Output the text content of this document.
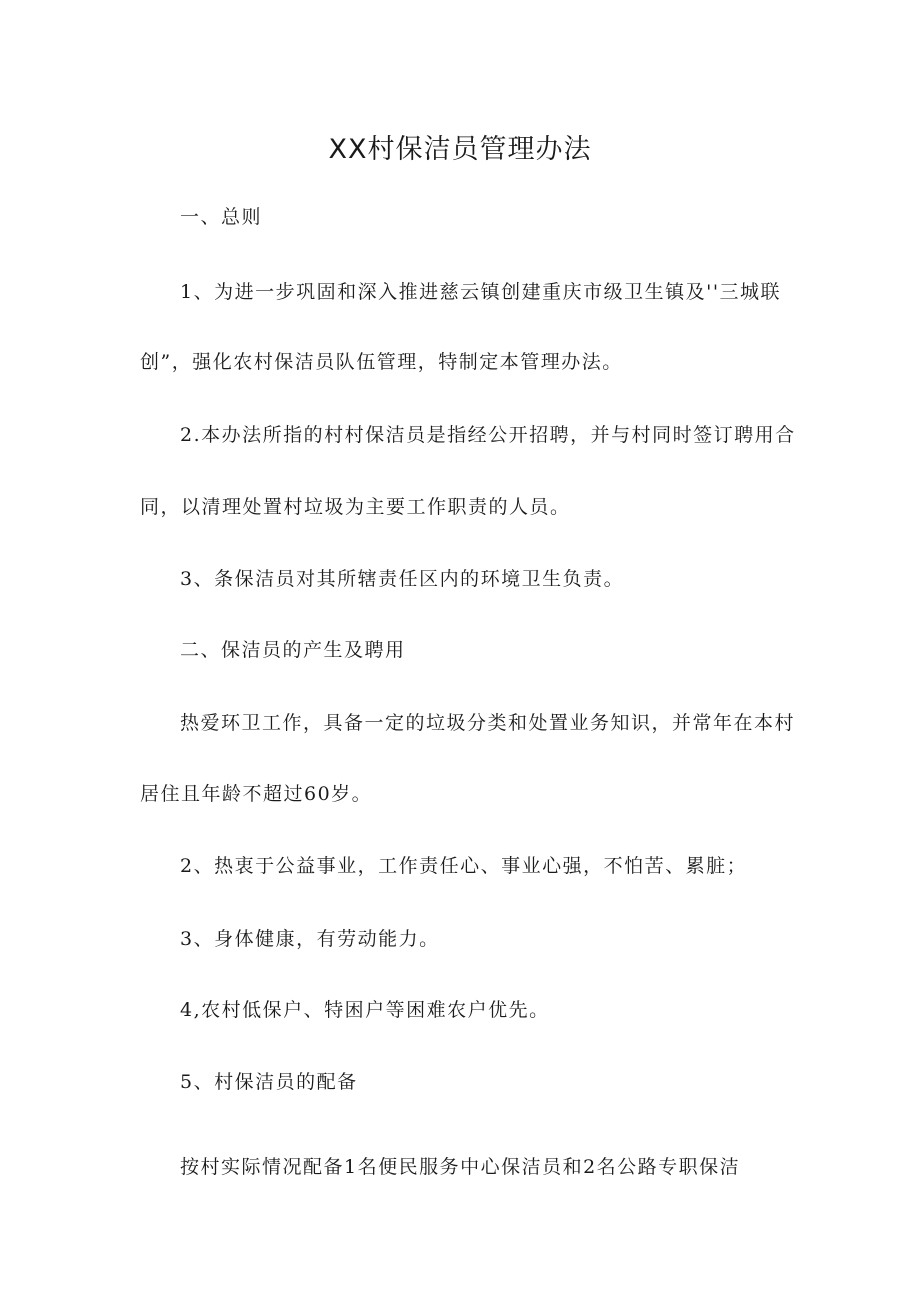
XX村保洁员管理办法
一、总则
1、为进一步巩固和深入推进慈云镇创建重庆市级卫生镇及''三城联
创”，强化农村保洁员队伍管理，特制定本管理办法。
2.本办法所指的村村保洁员是指经公开招聘，并与村同时签订聘用合
同，以清理处置村垃圾为主要工作职责的人员。
3、条保洁员对其所辖责任区内的环境卫生负责。
二、保洁员的产生及聘用
热爱环卫工作，具备一定的垃圾分类和处置业务知识，并常年在本村
居住且年龄不超过60岁。
2、热衷于公益事业，工作责任心、事业心强，不怕苦、累脏；
3、身体健康，有劳动能力。
4,农村低保户、特困户等困难农户优先。
5、村保洁员的配备
按村实际情况配备1名便民服务中心保洁员和2名公路专职保洁
